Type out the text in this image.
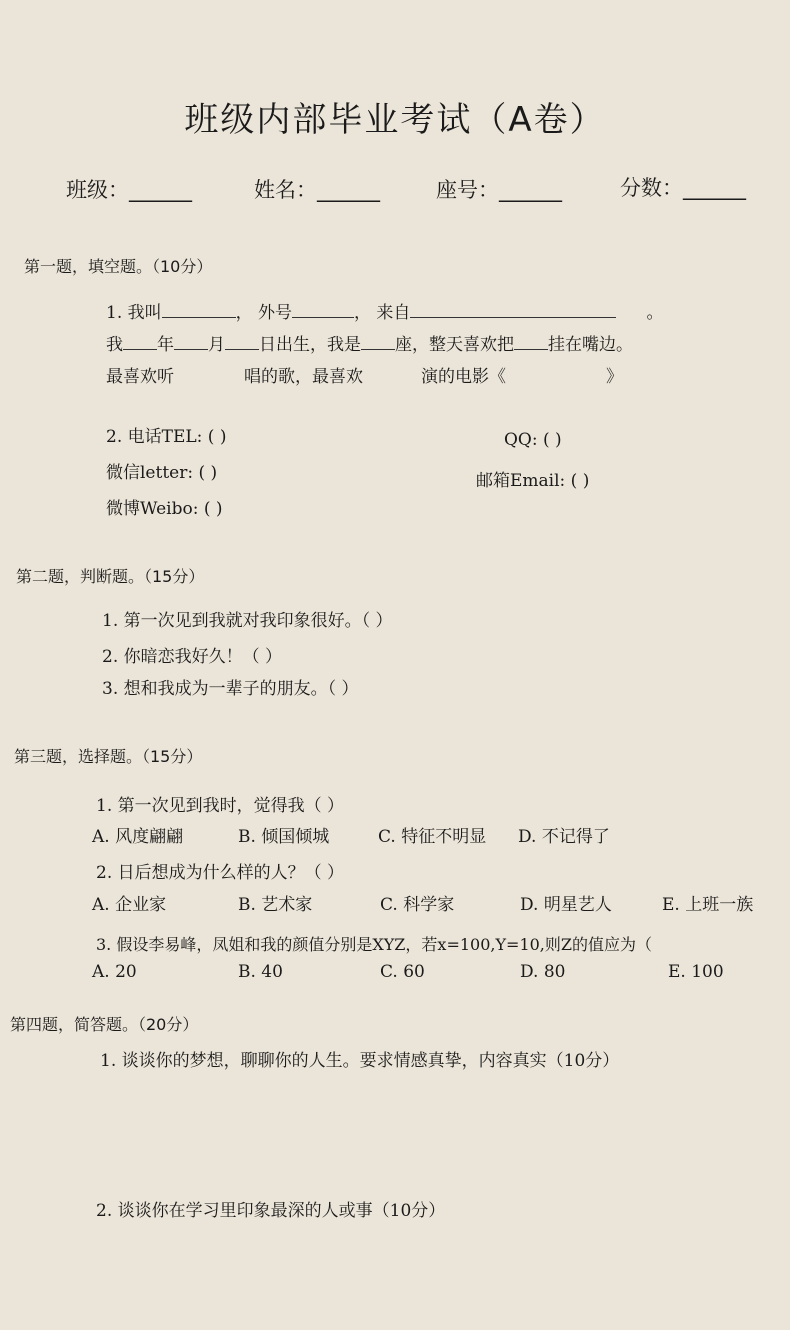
班级内部毕业考试（A卷）
班级：______	姓名：______	座号：______	分数：______
第一题，填空题。（10分）
1. 我叫	， 外号	， 来自	。
我 年 月 日出生，我是 座，整天喜欢把 挂在嘴边。
最喜欢听	唱的歌，最喜欢	演的电影《	》
2. 电话TEL: ( )	QQ: ( )
微信letter: ( )	邮箱Email: ( )
微博Weibo: ( )
第二题，判断题。（15分）
1. 第一次见到我就对我印象很好。（ ）
2. 你暗恋我好久！（ ）
3. 想和我成为一辈子的朋友。（ ）
第三题，选择题。（15分）
1. 第一次见到我时，觉得我（ ）
A. 风度翩翩	B. 倾国倾城	C. 特征不明显 D. 不记得了
2. 日后想成为什么样的人？（ ）
A. 企业家	B. 艺术家	C. 科学家	D. 明星艺人	E. 上班一族
3. 假设李易峰，凤姐和我的颜值分别是XYZ，若x=100,Y=10,则Z的值应为（
A. 20	B. 40	C. 60	D. 80	E. 100
第四题，简答题。（20分）
1. 谈谈你的梦想，聊聊你的人生。要求情感真挚，内容真实（10分）
2. 谈谈你在学习里印象最深的人或事（10分）
